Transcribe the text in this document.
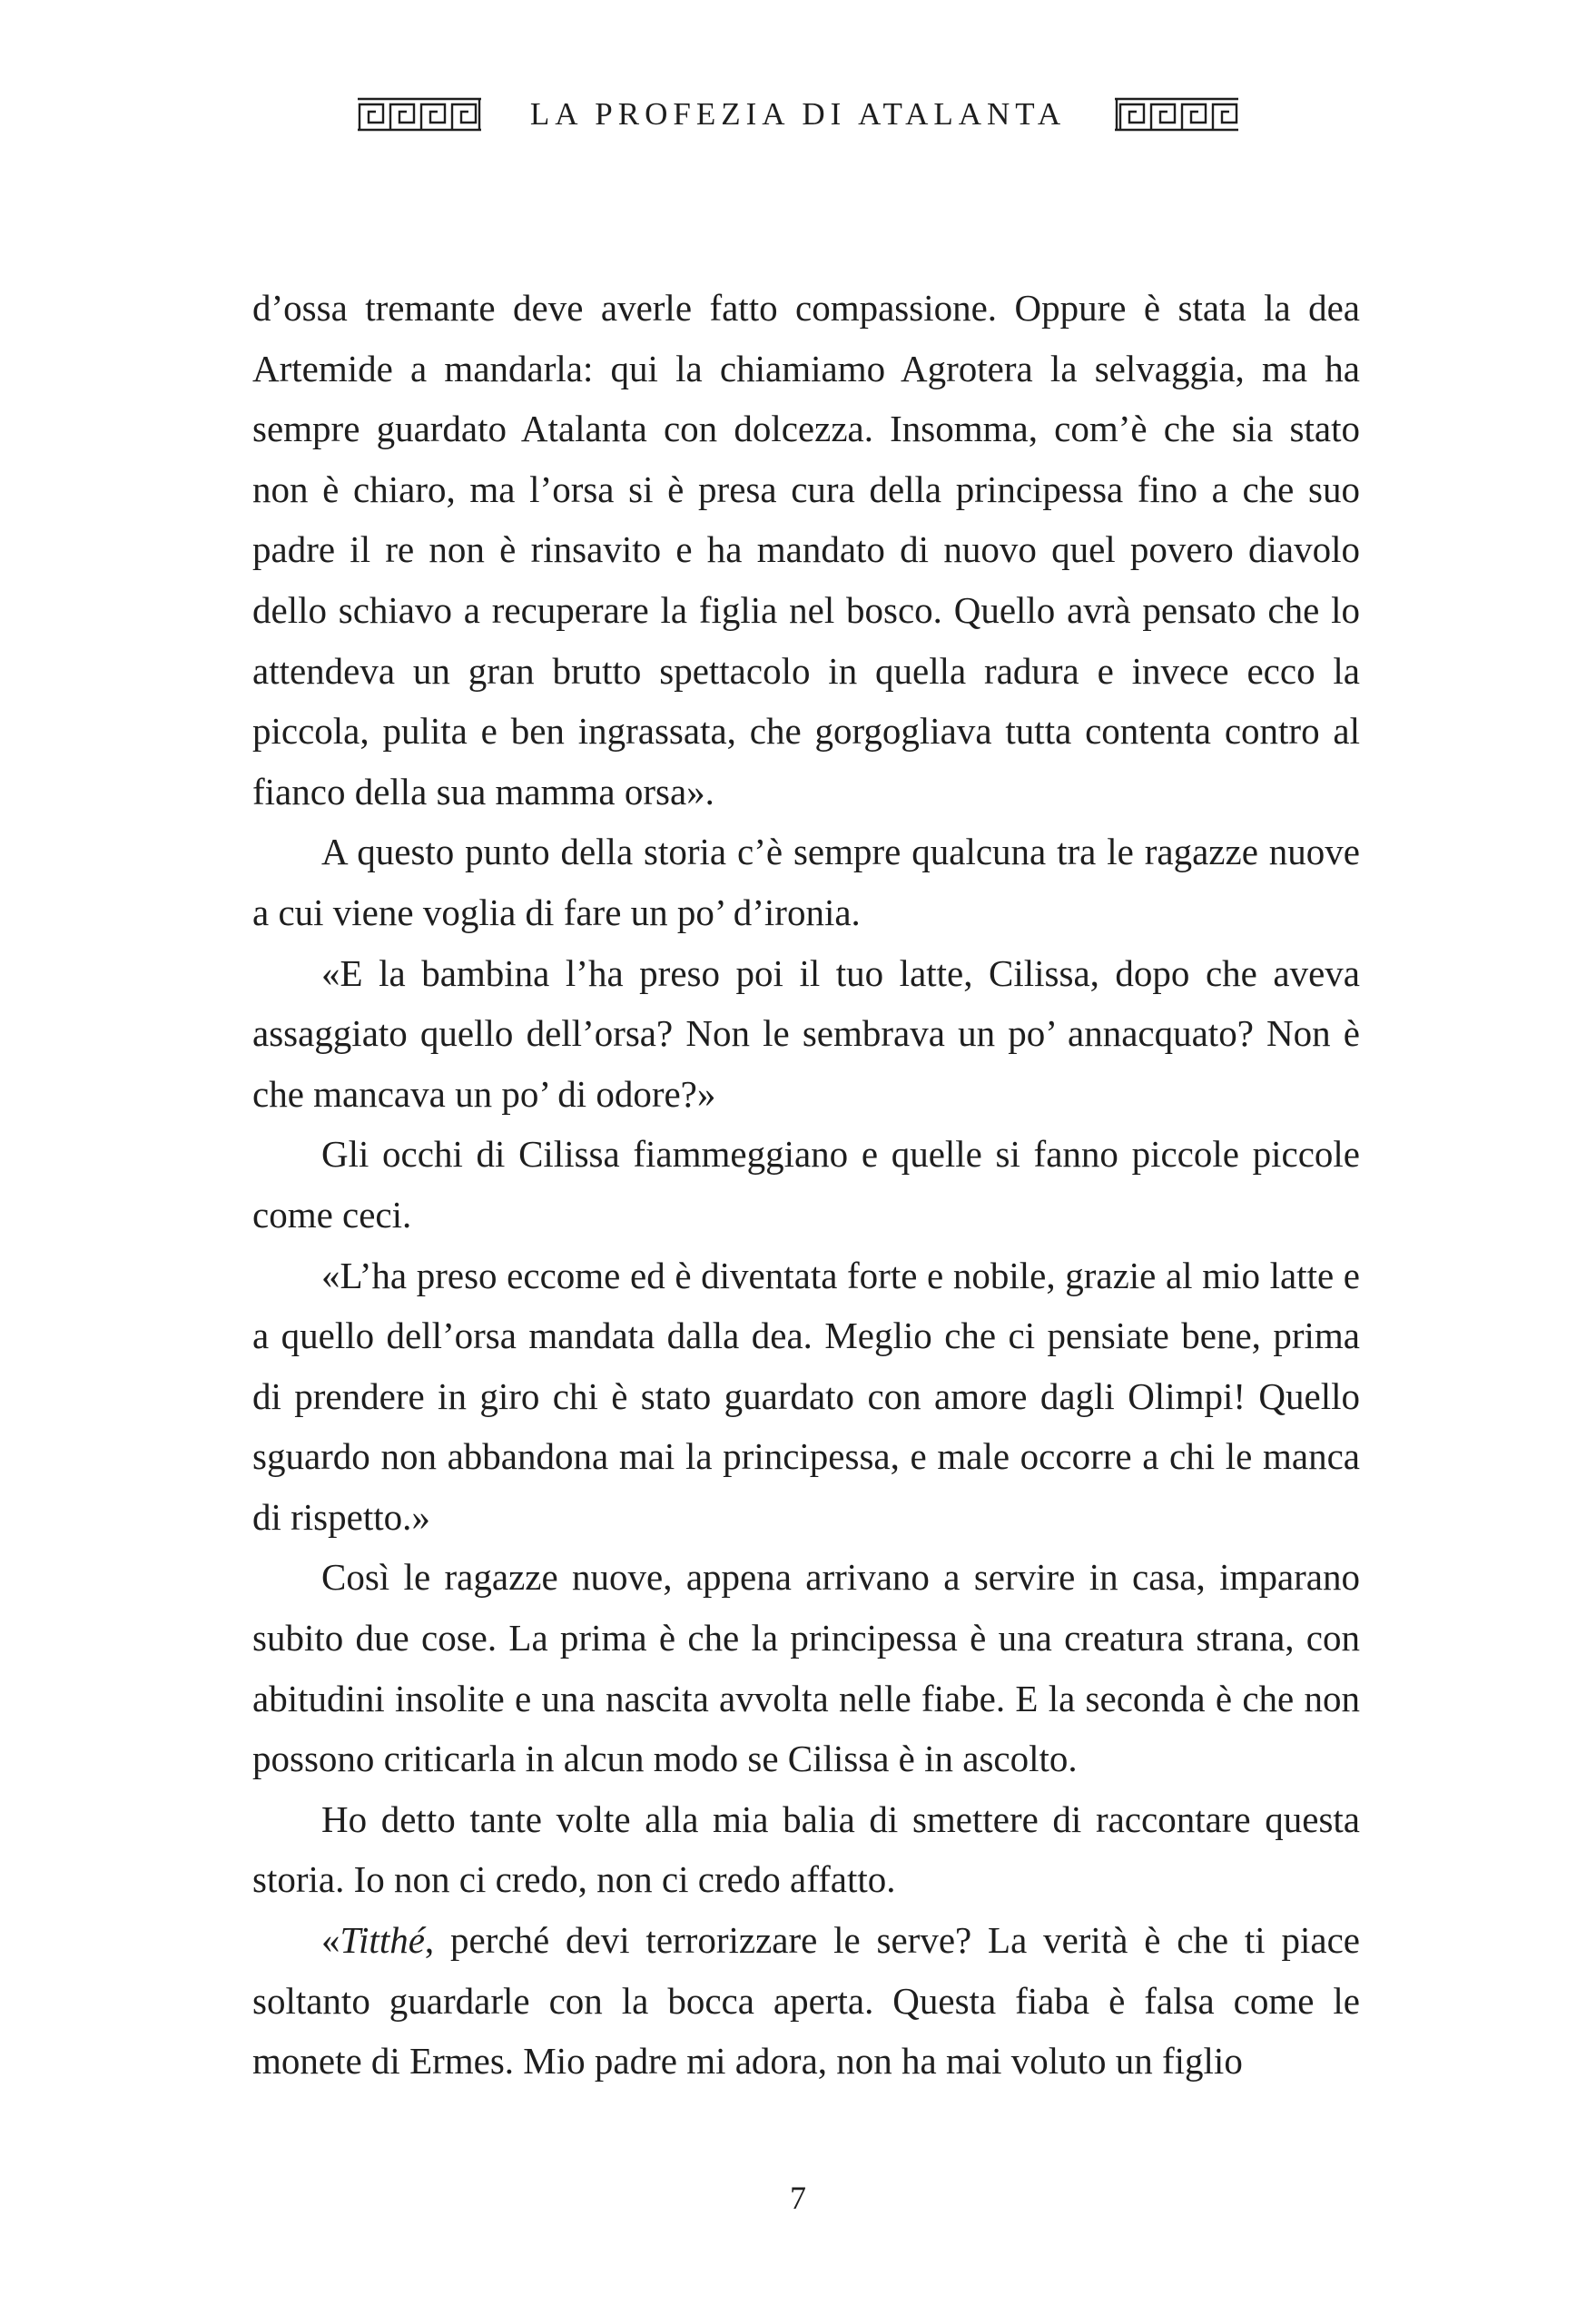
LA PROFEZIA DI ATALANTA

d’ossa tremante deve averle fatto compassione. Oppure è stata la dea Artemide a mandarla: qui la chiamiamo Agrotera la selvaggia, ma ha sempre guardato Atalanta con dolcezza. Insomma, com’è che sia stato non è chiaro, ma l’orsa si è presa cura della principessa fino a che suo padre il re non è rinsavito e ha mandato di nuovo quel povero diavolo dello schiavo a recuperare la figlia nel bosco. Quello avrà pensato che lo attendeva un gran brutto spettacolo in quella radura e invece ecco la piccola, pulita e ben ingrassata, che gorgogliava tutta contenta contro al fianco della sua mamma orsa».

A questo punto della storia c’è sempre qualcuna tra le ragazze nuove a cui viene voglia di fare un po’ d’ironia.

«E la bambina l’ha preso poi il tuo latte, Cilissa, dopo che aveva assaggiato quello dell’orsa? Non le sembrava un po’ annacquato? Non è che mancava un po’ di odore?»

Gli occhi di Cilissa fiammeggiano e quelle si fanno piccole piccole come ceci.

«L’ha preso eccome ed è diventata forte e nobile, grazie al mio latte e a quello dell’orsa mandata dalla dea. Meglio che ci pensiate bene, prima di prendere in giro chi è stato guardato con amore dagli Olimpi! Quello sguardo non abbandona mai la principessa, e male occorre a chi le manca di rispetto.»

Così le ragazze nuove, appena arrivano a servire in casa, imparano subito due cose. La prima è che la principessa è una creatura strana, con abitudini insolite e una nascita avvolta nelle fiabe. E la seconda è che non possono criticarla in alcun modo se Cilissa è in ascolto.

Ho detto tante volte alla mia balia di smettere di raccontare questa storia. Io non ci credo, non ci credo affatto.

«Titthé, perché devi terrorizzare le serve? La verità è che ti piace soltanto guardarle con la bocca aperta. Questa fiaba è falsa come le monete di Ermes. Mio padre mi adora, non ha mai voluto un figlio

7
